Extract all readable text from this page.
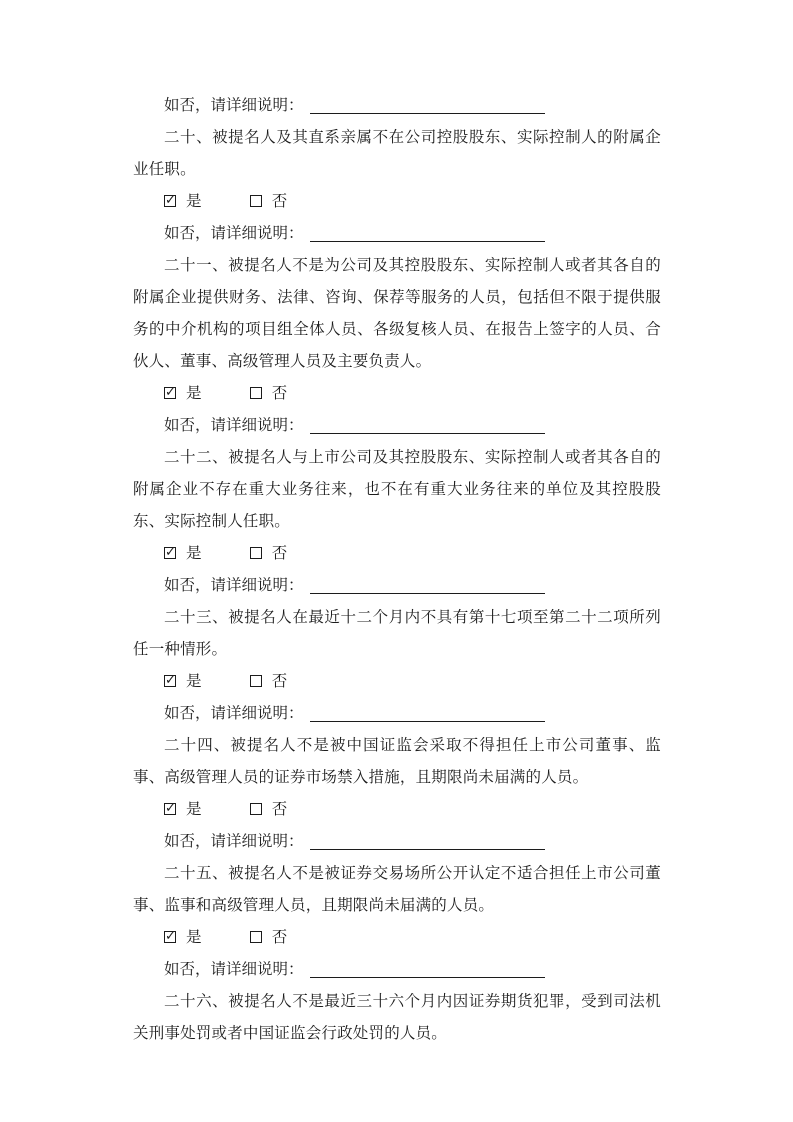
如否，请详细说明：

二十、被提名人及其直系亲属不在公司控股股东、实际控制人的附属企业任职。

✓ 是	否
如否，请详细说明：

二十一、被提名人不是为公司及其控股股东、实际控制人或者其各自的附属企业提供财务、法律、咨询、保荐等服务的人员，包括但不限于提供服务的中介机构的项目组全体人员、各级复核人员、在报告上签字的人员、合伙人、董事、高级管理人员及主要负责人。

✓ 是	否
如否，请详细说明：

二十二、被提名人与上市公司及其控股股东、实际控制人或者其各自的附属企业不存在重大业务往来，也不在有重大业务往来的单位及其控股股东、实际控制人任职。

✓ 是	否
如否，请详细说明：

二十三、被提名人在最近十二个月内不具有第十七项至第二十二项所列任一种情形。

✓ 是	否
如否，请详细说明：

二十四、被提名人不是被中国证监会采取不得担任上市公司董事、监事、高级管理人员的证券市场禁入措施，且期限尚未届满的人员。

✓ 是	否
如否，请详细说明：

二十五、被提名人不是被证券交易场所公开认定不适合担任上市公司董事、监事和高级管理人员，且期限尚未届满的人员。

✓ 是	否
如否，请详细说明：

二十六、被提名人不是最近三十六个月内因证券期货犯罪，受到司法机关刑事处罚或者中国证监会行政处罚的人员。
